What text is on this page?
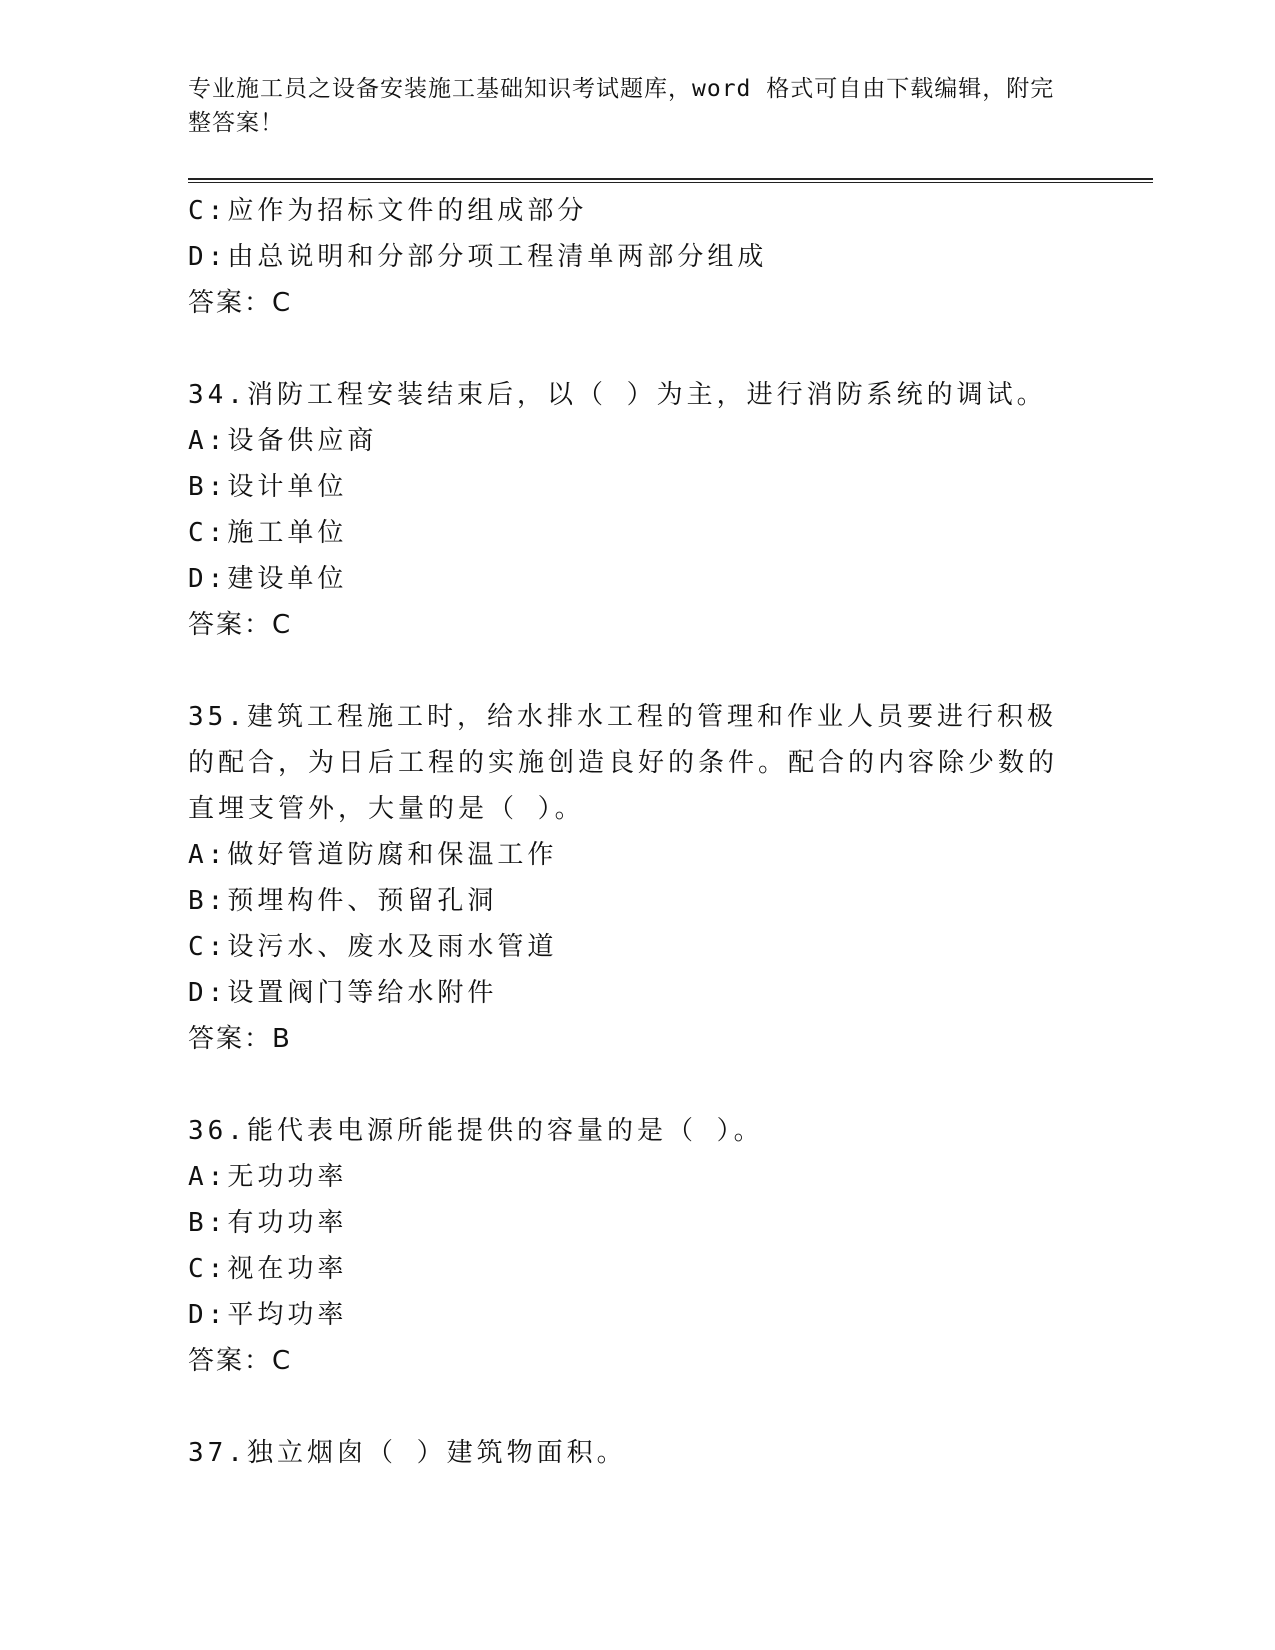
专业施工员之设备安装施工基础知识考试题库，word 格式可自由下载编辑，附完整答案！
C: 应作为招标文件的组成部分
D: 由总说明和分部分项工程清单两部分组成
答案：C
34.消防工程安装结束后，以（ ）为主，进行消防系统的调试。
A: 设备供应商
B: 设计单位
C: 施工单位
D: 建设单位
答案：C
35.建筑工程施工时，给水排水工程的管理和作业人员要进行积极的配合，为日后工程的实施创造良好的条件。配合的内容除少数的直埋支管外，大量的是（ ）。
A: 做好管道防腐和保温工作
B: 预埋构件、预留孔洞
C: 设污水、废水及雨水管道
D: 设置阀门等给水附件
答案：B
36.能代表电源所能提供的容量的是（ ）。
A: 无功功率
B: 有功功率
C: 视在功率
D: 平均功率
答案：C
37.独立烟囱（ ）建筑物面积。
